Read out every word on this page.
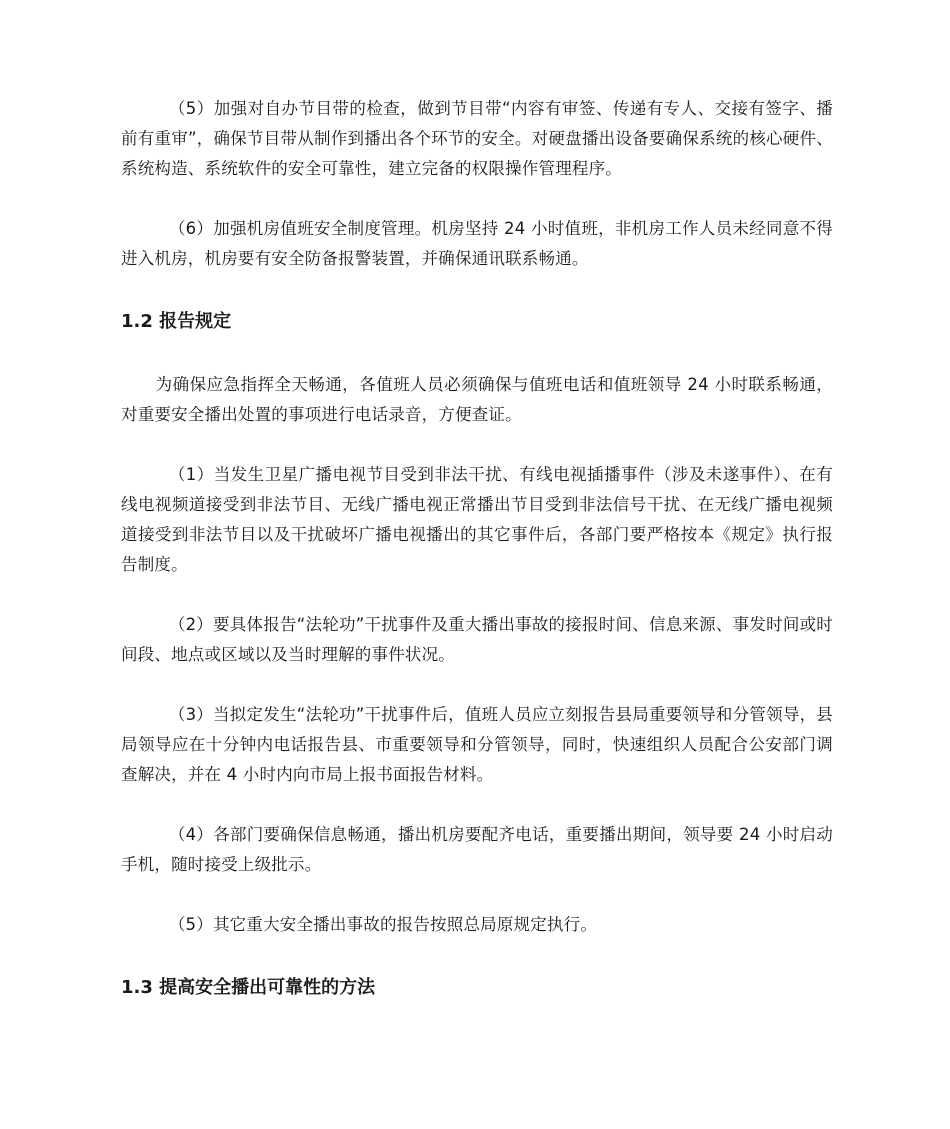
（5）加强对自办节目带的检查，做到节目带“内容有审签、传递有专人、交接有签字、播前有重审”，确保节目带从制作到播出各个环节的安全。对硬盘播出设备要确保系统的核心硬件、系统构造、系统软件的安全可靠性，建立完备的权限操作管理程序。

（6）加强机房值班安全制度管理。机房坚持 24 小时值班，非机房工作人员未经同意不得进入机房，机房要有安全防备报警装置，并确保通讯联系畅通。

1.2 报告规定

为确保应急指挥全天畅通，各值班人员必须确保与值班电话和值班领导 24 小时联系畅通，对重要安全播出处置的事项进行电话录音，方便查证。

（1）当发生卫星广播电视节目受到非法干扰、有线电视插播事件（涉及未遂事件）、在有线电视频道接受到非法节目、无线广播电视正常播出节目受到非法信号干扰、在无线广播电视频道接受到非法节目以及干扰破坏广播电视播出的其它事件后，各部门要严格按本《规定》执行报告制度。

（2）要具体报告“法轮功”干扰事件及重大播出事故的接报时间、信息来源、事发时间或时间段、地点或区域以及当时理解的事件状况。

（3）当拟定发生“法轮功”干扰事件后，值班人员应立刻报告县局重要领导和分管领导，县局领导应在十分钟内电话报告县、市重要领导和分管领导，同时，快速组织人员配合公安部门调查解决，并在 4 小时内向市局上报书面报告材料。

（4）各部门要确保信息畅通，播出机房要配齐电话，重要播出期间，领导要 24 小时启动手机，随时接受上级批示。

（5）其它重大安全播出事故的报告按照总局原规定执行。

1.3 提高安全播出可靠性的方法
